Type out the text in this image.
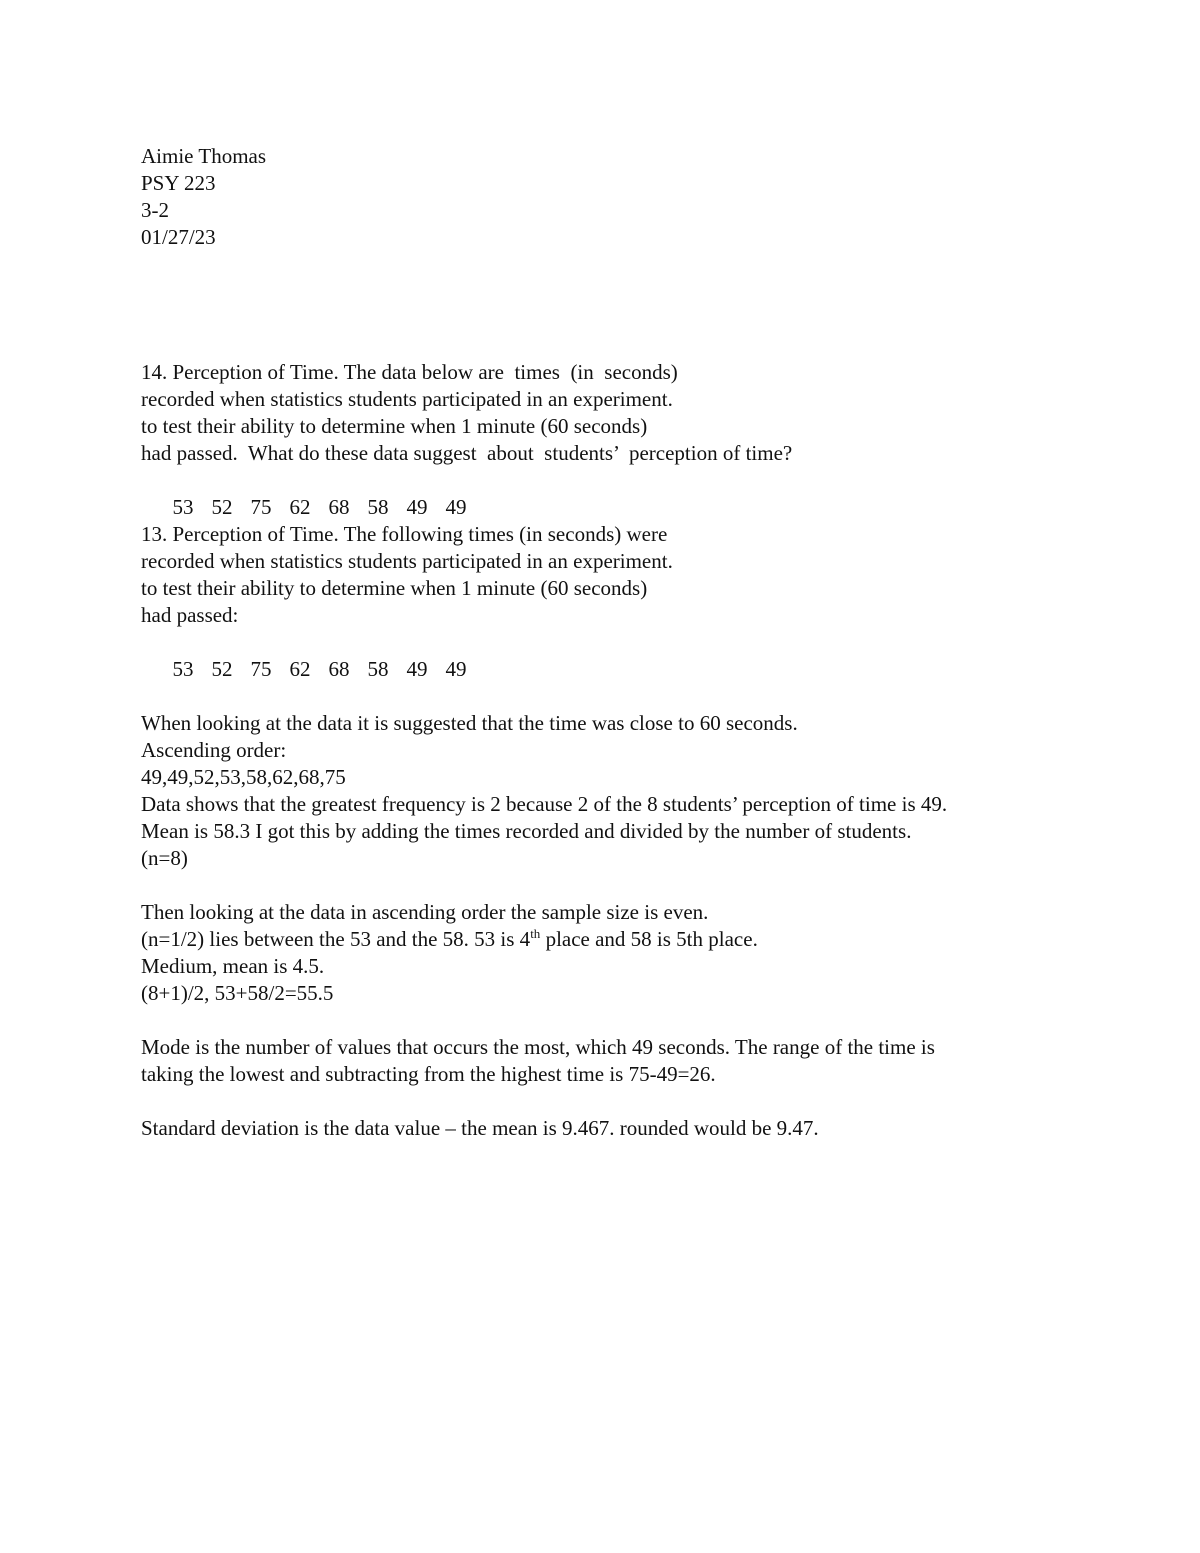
Aimie Thomas
PSY 223
3-2
01/27/23
14. Perception of Time. The data below are  times  (in  seconds)
recorded when statistics students participated in an experiment.
to test their ability to determine when 1 minute (60 seconds)
had passed.  What do these data suggest  about  students’  perception of time?

53 52 75 62 68 58 49 49

13. Perception of Time. The following times (in seconds) were
recorded when statistics students participated in an experiment.
to test their ability to determine when 1 minute (60 seconds)
had passed:

53 52 75 62 68 58 49 49

When looking at the data it is suggested that the time was close to 60 seconds.
Ascending order:
49,49,52,53,58,62,68,75
Data shows that the greatest frequency is 2 because 2 of the 8 students’ perception of time is 49.
Mean is 58.3 I got this by adding the times recorded and divided by the number of students.
(n=8)
Then looking at the data in ascending order the sample size is even.
(n=1/2) lies between the 53 and the 58. 53 is 4th place and 58 is 5th place.
Medium, mean is 4.5.
(8+1)/2, 53+58/2=55.5
Mode is the number of values that occurs the most, which 49 seconds. The range of the time is
taking the lowest and subtracting from the highest time is 75-49=26.
Standard deviation is the data value – the mean is 9.467. rounded would be 9.47.
